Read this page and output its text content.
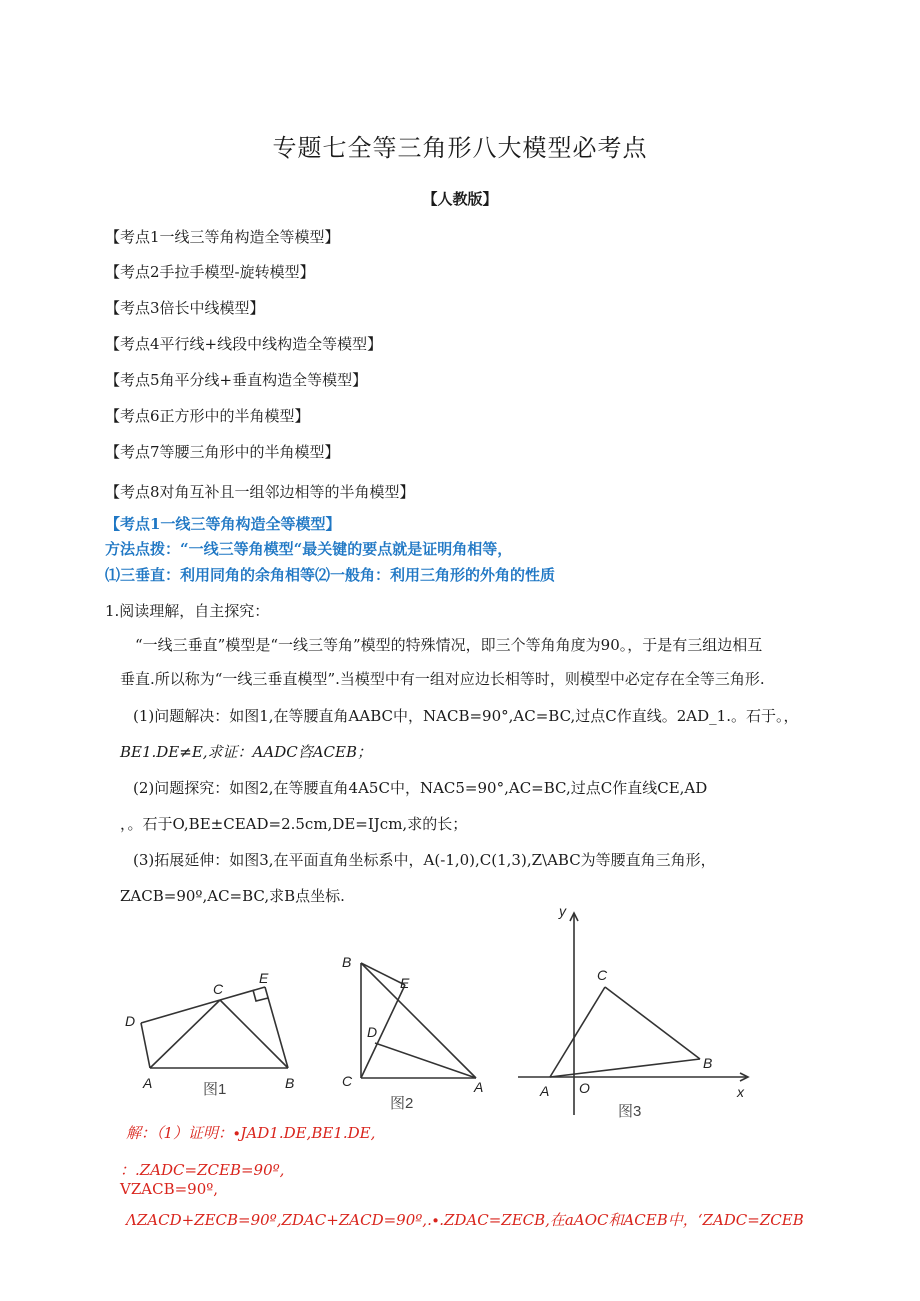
专题七全等三角形八大模型必考点
【人教版】
【考点1一线三等角构造全等模型】
【考点2手拉手模型-旋转模型】
【考点3倍长中线模型】
【考点4平行线+线段中线构造全等模型】
【考点5角平分线+垂直构造全等模型】
【考点6正方形中的半角模型】
【考点7等腰三角形中的半角模型】
【考点8对角互补且一组邻边相等的半角模型】
【考点1一线三等角构造全等模型】
方法点拨：“一线三等角模型“最关键的要点就是证明角相等，
⑴三垂直：利用同角的余角相等⑵一般角：利用三角形的外角的性质
1.阅读理解，自主探究：
“一线三垂直”模型是“一线三等角”模型的特殊情况，即三个等角角度为90。，于是有三组边相互
垂直.所以称为“一线三垂直模型”.当模型中有一组对应边长相等时，则模型中必定存在全等三角形.
(1)问题解决：如图1,在等腰直角AABC中，NACB=90°,AC=BC,过点C作直线。2AD_1.。石于。，
BE1.DE≠E,求证：AADC咨ACEB；
(2)问题探究：如图2,在等腰直角4A5C中，NAC5=90°,AC=BC,过点C作直线CE,AD
，。石于O,BE±CEAD=2.5cm,DE=IJcm,求的长；
(3)拓展延伸：如图3,在平面直角坐标系中，A(-1,0),C(1,3),Z\ABC为等腰直角三角形，
ZACB=90º,AC=BC,求B点坐标.
D
C
E
A	B
图1
B
E
D
C	A
图2
y
C
B
A O	x
图3
解：（1）证明：∙JAD1.DE,BE1.DE,
：.ZADC=ZCEB=90º,
VZACB=90º,
ΛZACD+ZECB=90º,ZDAC+ZACD=90º,.∙.ZDAC=ZECB,在aAOC和ACEB中，ʻZADC=ZCEB
